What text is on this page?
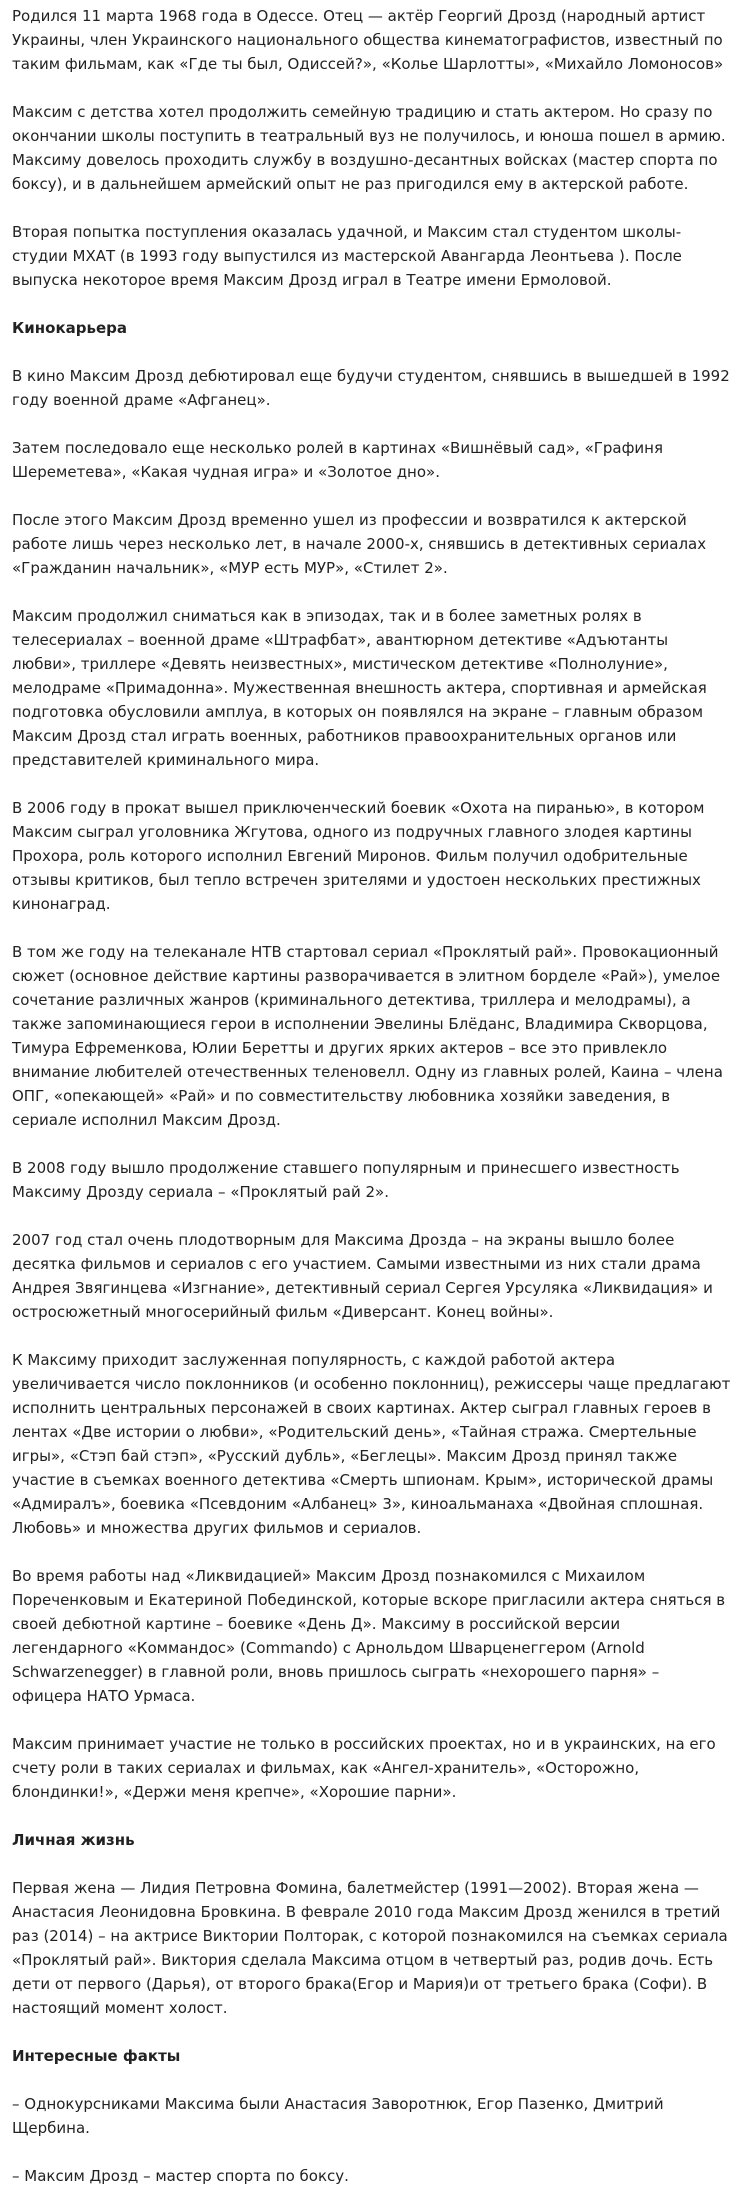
Родился 11 марта 1968 года в Одессе. Отец — актёр Георгий Дрозд (народный артист Украины, член Украинского национального общества кинематографистов, известный по таким фильмам, как «Где ты был, Одиссей?», «Колье Шарлотты», «Михайло Ломоносов»

Максим с детства хотел продолжить семейную традицию и стать актером. Но сразу по окончании школы поступить в театральный вуз не получилось, и юноша пошел в армию. Максиму довелось проходить службу в воздушно-десантных войсках (мастер спорта по боксу), и в дальнейшем армейский опыт не раз пригодился ему в актерской работе.

Вторая попытка поступления оказалась удачной, и Максим стал студентом школы-студии МХАТ (в 1993 году выпустился из мастерской Авангарда Леонтьева ). После выпуска некоторое время Максим Дрозд играл в Театре имени Ермоловой.

Кинокарьера

В кино Максим Дрозд дебютировал еще будучи студентом, снявшись в вышедшей в 1992 году военной драме «Афганец».

Затем последовало еще несколько ролей в картинах «Вишнёвый сад», «Графиня Шереметева», «Какая чудная игра» и «Золотое дно».

После этого Максим Дрозд временно ушел из профессии и возвратился к актерской работе лишь через несколько лет, в начале 2000-х, снявшись в детективных сериалах «Гражданин начальник», «МУР есть МУР», «Стилет 2».

Максим продолжил сниматься как в эпизодах, так и в более заметных ролях в телесериалах – военной драме «Штрафбат», авантюрном детективе «Адъютанты любви», триллере «Девять неизвестных», мистическом детективе «Полнолуние», мелодраме «Примадонна». Мужественная внешность актера, спортивная и армейская подготовка обусловили амплуа, в которых он появлялся на экране – главным образом Максим Дрозд стал играть военных, работников правоохранительных органов или представителей криминального мира.

В 2006 году в прокат вышел приключенческий боевик «Охота на пиранью», в котором Максим сыграл уголовника Жгутова, одного из подручных главного злодея картины Прохора, роль которого исполнил Евгений Миронов. Фильм получил одобрительные отзывы критиков, был тепло встречен зрителями и удостоен нескольких престижных кинонаград.

В том же году на телеканале НТВ стартовал сериал «Проклятый рай». Провокационный сюжет (основное действие картины разворачивается в элитном борделе «Рай»), умелое сочетание различных жанров (криминального детектива, триллера и мелодрамы), а также запоминающиеся герои в исполнении Эвелины Блёданс, Владимира Скворцова, Тимура Ефременкова, Юлии Беретты и других ярких актеров – все это привлекло внимание любителей отечественных теленовелл. Одну из главных ролей, Каина – члена ОПГ, «опекающей» «Рай» и по совместительству любовника хозяйки заведения, в сериале исполнил Максим Дрозд.

В 2008 году вышло продолжение ставшего популярным и принесшего известность Максиму Дрозду сериала – «Проклятый рай 2».

2007 год стал очень плодотворным для Максима Дрозда – на экраны вышло более десятка фильмов и сериалов с его участием. Самыми известными из них стали драма Андрея Звягинцева «Изгнание», детективный сериал Сергея Урсуляка «Ликвидация» и остросюжетный многосерийный фильм «Диверсант. Конец войны».

К Максиму приходит заслуженная популярность, с каждой работой актера увеличивается число поклонников (и особенно поклонниц), режиссеры чаще предлагают исполнить центральных персонажей в своих картинах. Актер сыграл главных героев в лентах «Две истории о любви», «Родительский день», «Тайная стража. Смертельные игры», «Стэп бай стэп», «Русский дубль», «Беглецы». Максим Дрозд принял также участие в съемках военного детектива «Смерть шпионам. Крым», исторической драмы «Адмиралъ», боевика «Псевдоним «Албанец» 3», киноальманаха «Двойная сплошная. Любовь» и множества других фильмов и сериалов.

Во время работы над «Ликвидацией» Максим Дрозд познакомился с Михаилом Пореченковым и Екатериной Побединской, которые вскоре пригласили актера сняться в своей дебютной картине – боевике «День Д». Максиму в российской версии легендарного «Коммандос» (Commando) с Арнольдом Шварценеггером (Arnold Schwarzenegger) в главной роли, вновь пришлось сыграть «нехорошего парня» – офицера НАТО Урмаса.

Максим принимает участие не только в российских проектах, но и в украинских, на его счету роли в таких сериалах и фильмах, как «Ангел-хранитель», «Осторожно, блондинки!», «Держи меня крепче», «Хорошие парни».

Личная жизнь

Первая жена — Лидия Петровна Фомина, балетмейстер (1991—2002). Вторая жена — Анастасия Леонидовна Бровкина. В феврале 2010 года Максим Дрозд женился в третий раз (2014) – на актрисе Виктории Полторак, с которой познакомился на съемках сериала «Проклятый рай». Виктория сделала Максима отцом в четвертый раз, родив дочь. Есть дети от первого (Дарья), от второго брака(Егор и Мария)и от третьего брака (Софи). В настоящий момент холост.

Интересные факты

– Однокурсниками Максима были Анастасия Заворотнюк, Егор Пазенко, Дмитрий Щербина.

– Максим Дрозд – мастер спорта по боксу.
